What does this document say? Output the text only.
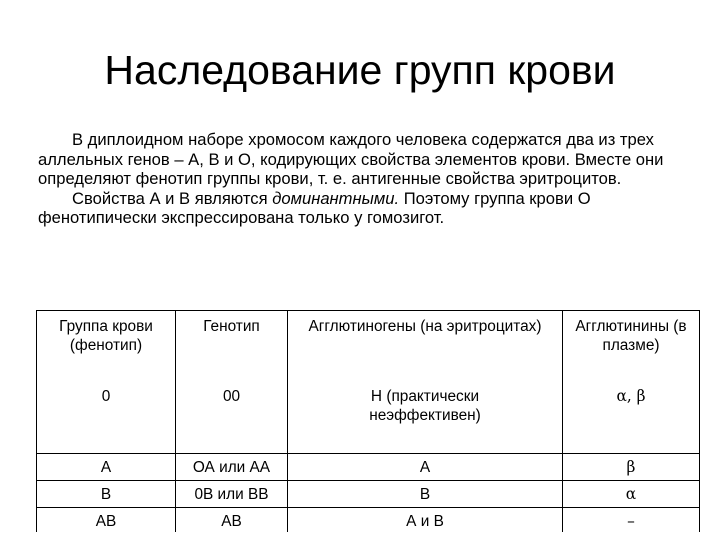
Наследование групп крови

В диплоидном наборе хромосом каждого человека содержатся два из трех аллельных генов – А, В и О, кодирующих свойства элементов крови. Вместе они определяют фенотип группы крови, т. е. антигенные свойства эритроцитов.

Свойства А и В являются доминантными. Поэтому группа крови О фенотипически экспрессирована только у гомозигот.

Группа крови (фенотип)	Генотип	Агглютиногены (на эритроцитах)	Агглютинины (в плазме)
0	00	Н (практически неэффективен)	α, β
A	ОА или АА	А	β
В	0В или ВВ	В	α
AB	AB	А и В	–
